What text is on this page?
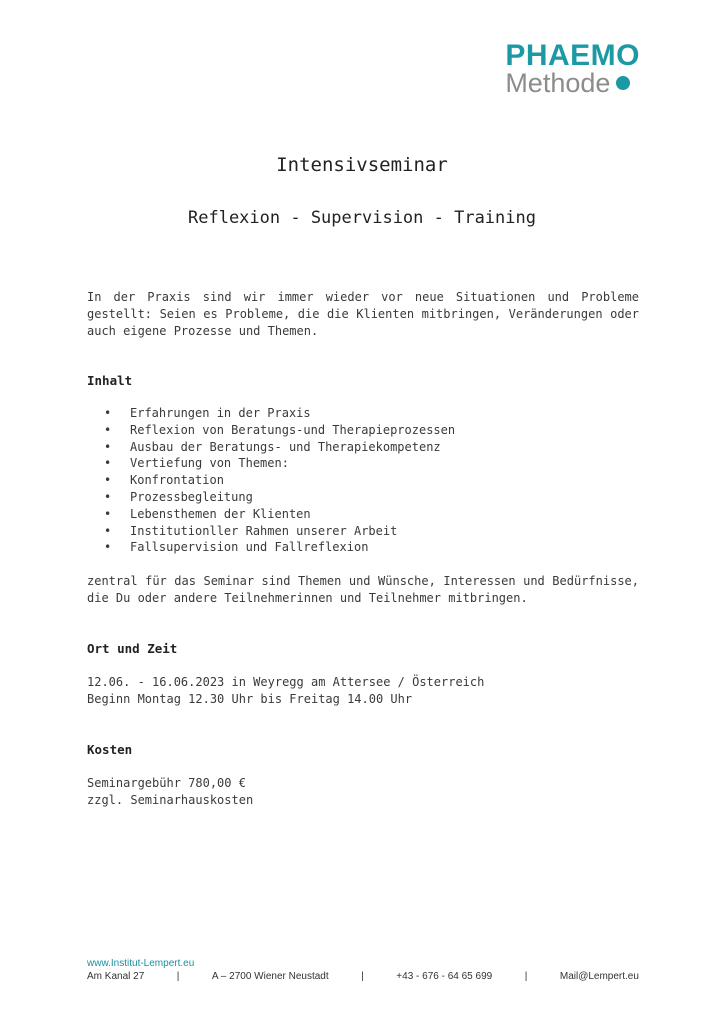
PHAEMO
Methode
Intensivseminar
Reflexion - Supervision - Training
In der Praxis sind wir immer wieder vor neue Situationen und Probleme gestellt: Seien es Probleme, die die Klienten mitbringen, Veränderungen oder auch eigene Prozesse und Themen.
Inhalt
• Erfahrungen in der Praxis
• Reflexion von Beratungs-und Therapieprozessen
• Ausbau der Beratungs- und Therapiekompetenz
• Vertiefung von Themen:
• Konfrontation
• Prozessbegleitung
• Lebensthemen der Klienten
• Institutionller Rahmen unserer Arbeit
• Fallsupervision und Fallreflexion
zentral für das Seminar sind Themen und Wünsche, Interessen und Bedürfnisse, die Du oder andere Teilnehmerinnen und Teilnehmer mitbringen.
Ort und Zeit
12.06. - 16.06.2023 in Weyregg am Attersee / Österreich
Beginn Montag 12.30 Uhr bis Freitag 14.00 Uhr
Kosten
Seminargebühr 780,00 €
zzgl. Seminarhauskosten
www.Institut-Lempert.eu
Am Kanal 27	|	A – 2700 Wiener Neustadt	|	+43 - 676 - 64 65 699	|	Mail@Lempert.eu
